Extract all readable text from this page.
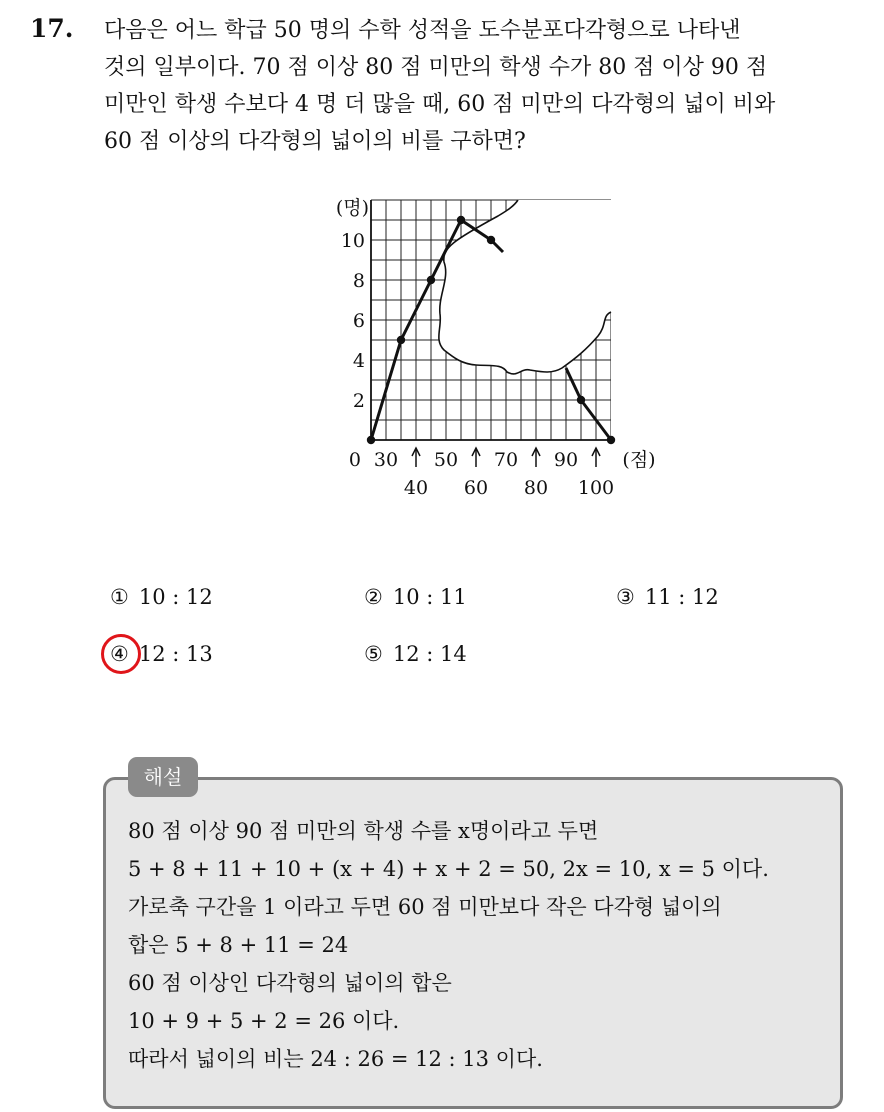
17. 다음은 어느 학급 50 명의 수학 성적을 도수분포다각형으로 나타낸
것의 일부이다. 70 점 이상 80 점 미만의 학생 수가 80 점 이상 90 점
미만인 학생 수보다 4 명 더 많을 때, 60 점 미만의 다각형의 넓이 비와
60 점 이상의 다각형의 넓이의 비를 구하면?
0
2
4
6
8
10
(명)
30 50 70 90
40 60 80 100
(점)
① 10 : 12	② 10 : 11	③ 11 : 12
④ 12 : 13	⑤ 12 : 14
해설
80 점 이상 90 점 미만의 학생 수를 x명이라고 두면
5 + 8 + 11 + 10 + (x + 4) + x + 2 = 50, 2x = 10, x = 5 이다.
가로축 구간을 1 이라고 두면 60 점 미만보다 작은 다각형 넓이의
합은 5 + 8 + 11 = 24
60 점 이상인 다각형의 넓이의 합은
10 + 9 + 5 + 2 = 26 이다.
따라서 넓이의 비는 24 : 26 = 12 : 13 이다.
